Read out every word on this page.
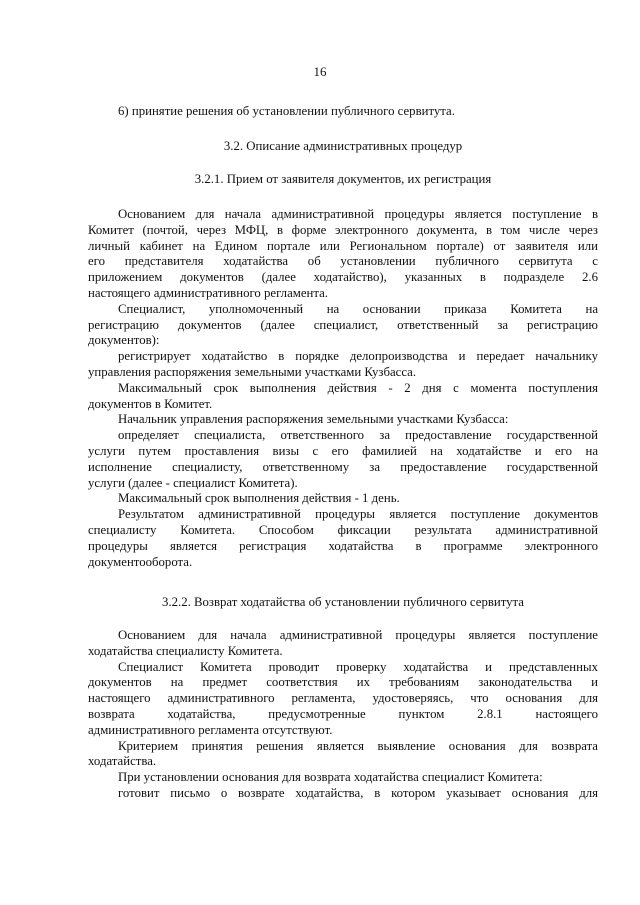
16
6) принятие решения об установлении публичного сервитута.
3.2. Описание административных процедур
3.2.1. Прием от заявителя документов, их регистрация
Основанием для начала административной процедуры является поступление в
Комитет (почтой, через МФЦ, в форме электронного документа, в том числе через
личный кабинет на Едином портале или Региональном портале) от заявителя или
его представителя ходатайства об установлении публичного сервитута с
приложением документов (далее ходатайство), указанных в подразделе 2.6
настоящего административного регламента.
Специалист, уполномоченный на основании приказа Комитета на
регистрацию документов (далее специалист, ответственный за регистрацию
документов):
регистрирует ходатайство в порядке делопроизводства и передает начальнику
управления распоряжения земельными участками Кузбасса.
Максимальный срок выполнения действия - 2 дня с момента поступления
документов в Комитет.
Начальник управления распоряжения земельными участками Кузбасса:
определяет специалиста, ответственного за предоставление государственной
услуги путем проставления визы с его фамилией на ходатайстве и его на
исполнение специалисту, ответственному за предоставление государственной
услуги (далее - специалист Комитета).
Максимальный срок выполнения действия - 1 день.
Результатом административной процедуры является поступление документов
специалисту Комитета. Способом фиксации результата административной
процедуры является регистрация ходатайства в программе электронного
документооборота.
3.2.2. Возврат ходатайства об установлении публичного сервитута
Основанием для начала административной процедуры является поступление
ходатайства специалисту Комитета.
Специалист Комитета проводит проверку ходатайства и представленных
документов на предмет соответствия их требованиям законодательства и
настоящего административного регламента, удостоверяясь, что основания для
возврата ходатайства, предусмотренные пунктом 2.8.1 настоящего
административного регламента отсутствуют.
Критерием принятия решения является выявление основания для возврата
ходатайства.
При установлении основания для возврата ходатайства специалист Комитета:
готовит письмо о возврате ходатайства, в котором указывает основания для
